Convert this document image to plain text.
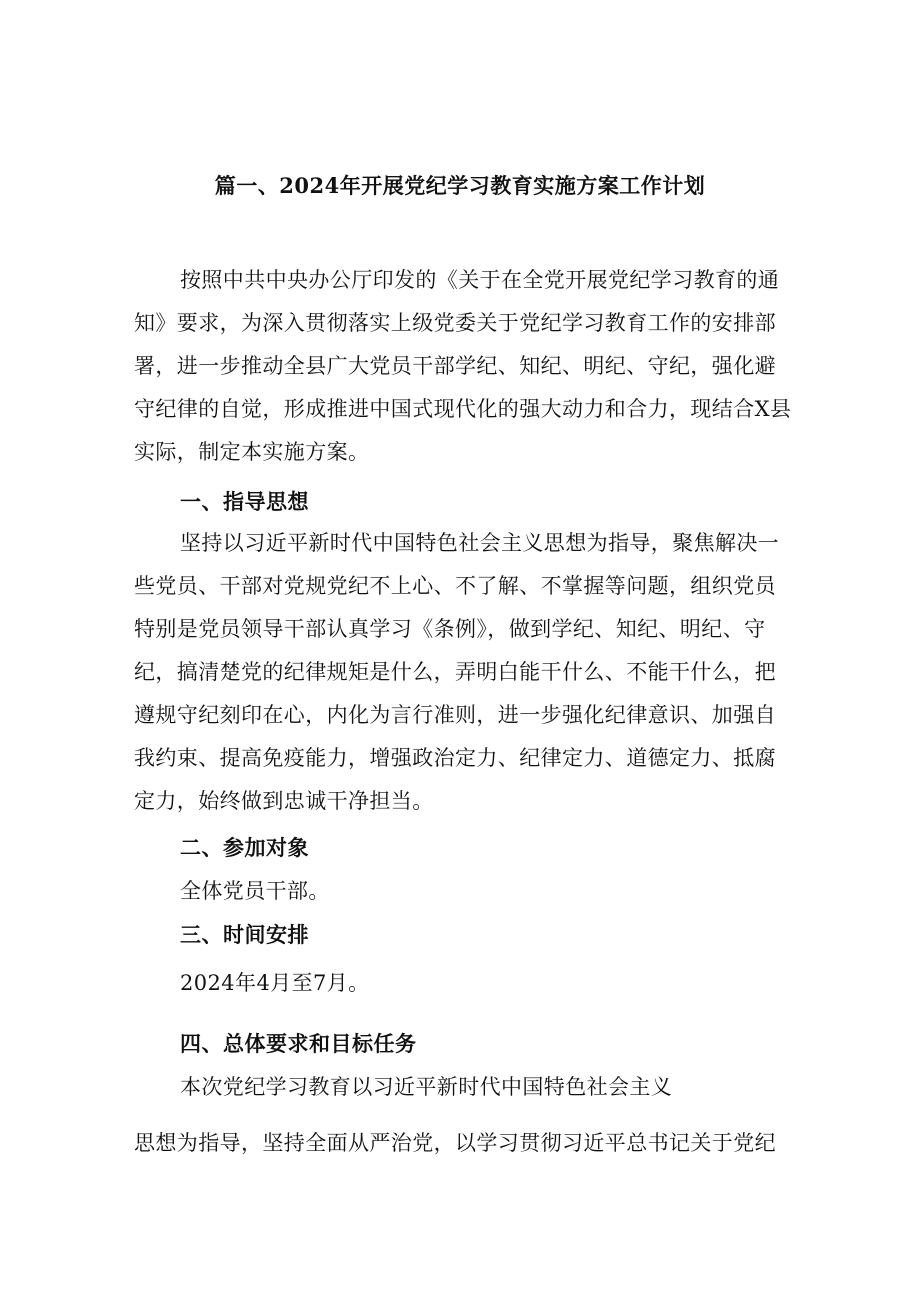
篇一、2024年开展党纪学习教育实施方案工作计划
按照中共中央办公厅印发的《关于在全党开展党纪学习教育的通
知》要求，为深入贯彻落实上级党委关于党纪学习教育工作的安排部
署，进一步推动全县广大党员干部学纪、知纪、明纪、守纪，强化避
守纪律的自觉，形成推进中国式现代化的强大动力和合力，现结合X县
实际，制定本实施方案。
一、指导思想
坚持以习近平新时代中国特色社会主义思想为指导，聚焦解决一
些党员、干部对党规党纪不上心、不了解、不掌握等问题，组织党员
特别是党员领导干部认真学习《条例》，做到学纪、知纪、明纪、守
纪，搞清楚党的纪律规矩是什么，弄明白能干什么、不能干什么，把
遵规守纪刻印在心，内化为言行准则，进一步强化纪律意识、加强自
我约束、提高免疫能力，增强政治定力、纪律定力、道德定力、抵腐
定力，始终做到忠诚干净担当。
二、参加对象
全体党员干部。
三、时间安排
2024年4月至7月。
四、总体要求和目标任务
本次党纪学习教育以习近平新时代中国特色社会主义
思想为指导，坚持全面从严治党，以学习贯彻习近平总书记关于党纪
